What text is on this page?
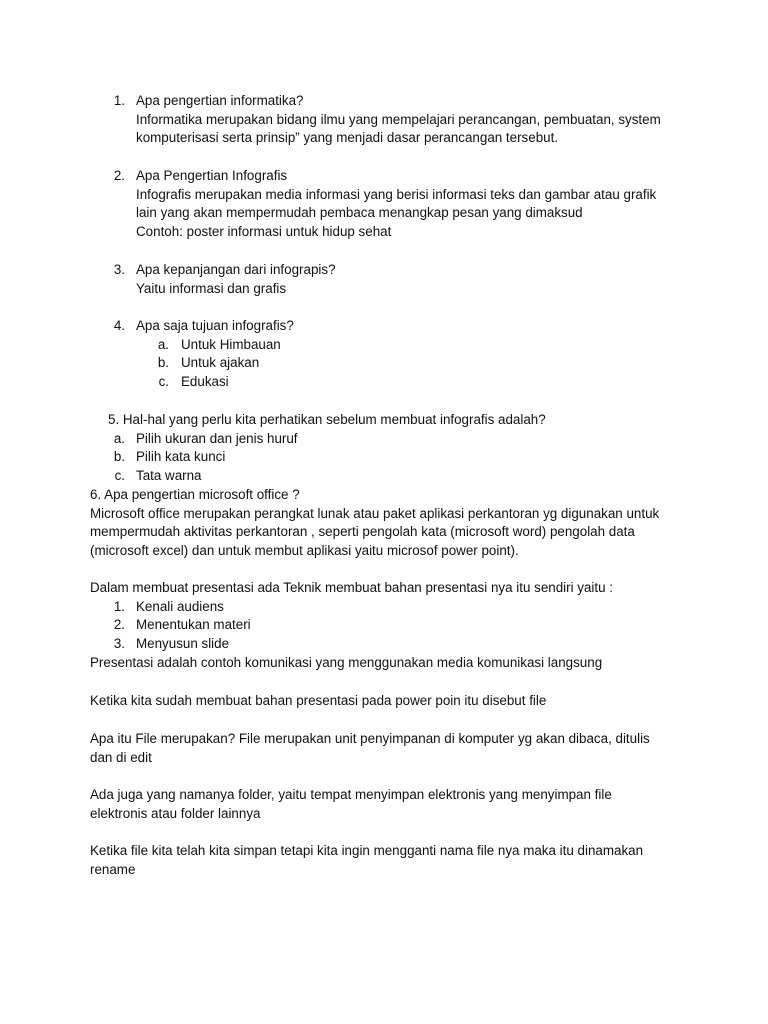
1. Apa pengertian informatika?
Informatika merupakan bidang ilmu yang mempelajari perancangan, pembuatan, system
komputerisasi serta prinsip” yang menjadi dasar perancangan tersebut.
2. Apa Pengertian Infografis
Infografis merupakan media informasi yang berisi informasi teks dan gambar atau grafik
lain yang akan mempermudah pembaca menangkap pesan yang dimaksud
Contoh: poster informasi untuk hidup sehat
3. Apa kepanjangan dari infograpis?
Yaitu informasi dan grafis
4. Apa saja tujuan infografis?
a. Untuk Himbauan
b. Untuk ajakan
c. Edukasi
5. Hal-hal yang perlu kita perhatikan sebelum membuat infografis adalah?
a. Pilih ukuran dan jenis huruf
b. Pilih kata kunci
c. Tata warna
6. Apa pengertian microsoft office ?
Microsoft office merupakan perangkat lunak atau paket aplikasi perkantoran yg digunakan untuk
mempermudah aktivitas perkantoran , seperti pengolah kata (microsoft word) pengolah data
(microsoft excel) dan untuk membut aplikasi yaitu microsof power point).
Dalam membuat presentasi ada Teknik membuat bahan presentasi nya itu sendiri yaitu :
1. Kenali audiens
2. Menentukan materi
3. Menyusun slide
Presentasi adalah contoh komunikasi yang menggunakan media komunikasi langsung
Ketika kita sudah membuat bahan presentasi pada power poin itu disebut file
Apa itu File merupakan? File merupakan unit penyimpanan di komputer yg akan dibaca, ditulis
dan di edit
Ada juga yang namanya folder, yaitu tempat menyimpan elektronis yang menyimpan file
elektronis atau folder lainnya
Ketika file kita telah kita simpan tetapi kita ingin mengganti nama file nya maka itu dinamakan
rename
